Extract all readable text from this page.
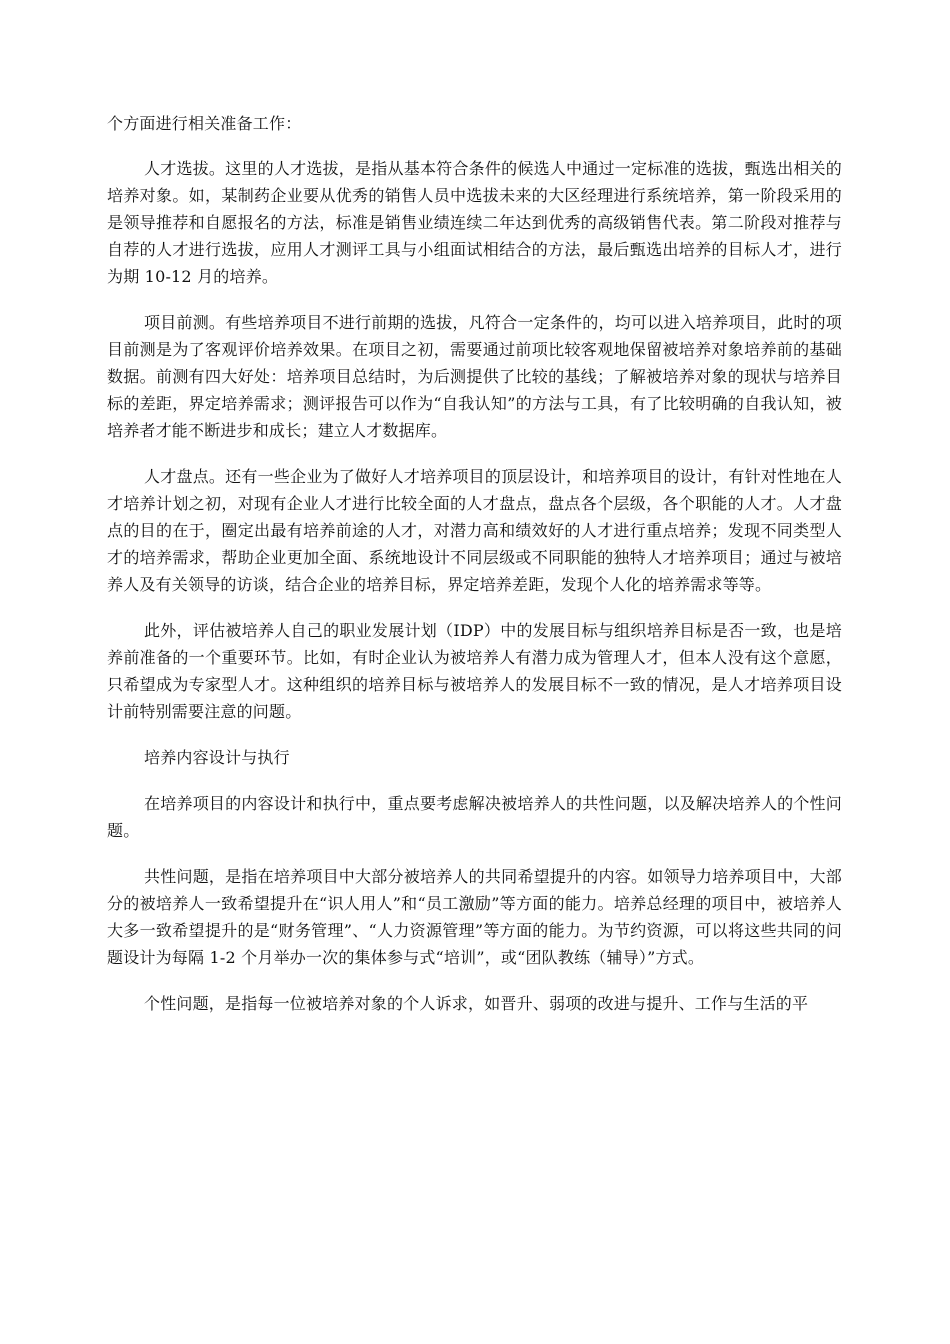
个方面进行相关准备工作：

人才选拔。这里的人才选拔，是指从基本符合条件的候选人中通过一定标准的选拔，甄选出相关的培养对象。如，某制药企业要从优秀的销售人员中选拔未来的大区经理进行系统培养，第一阶段采用的是领导推荐和自愿报名的方法，标准是销售业绩连续二年达到优秀的高级销售代表。第二阶段对推荐与自荐的人才进行选拔，应用人才测评工具与小组面试相结合的方法，最后甄选出培养的目标人才，进行为期 10-12 月的培养。

项目前测。有些培养项目不进行前期的选拔，凡符合一定条件的，均可以进入培养项目，此时的项目前测是为了客观评价培养效果。在项目之初，需要通过前项比较客观地保留被培养对象培养前的基础数据。前测有四大好处：培养项目总结时，为后测提供了比较的基线；了解被培养对象的现状与培养目标的差距，界定培养需求；测评报告可以作为“自我认知”的方法与工具，有了比较明确的自我认知，被培养者才能不断进步和成长；建立人才数据库。

人才盘点。还有一些企业为了做好人才培养项目的顶层设计，和培养项目的设计，有针对性地在人才培养计划之初，对现有企业人才进行比较全面的人才盘点，盘点各个层级，各个职能的人才。人才盘点的目的在于，圈定出最有培养前途的人才，对潜力高和绩效好的人才进行重点培养；发现不同类型人才的培养需求，帮助企业更加全面、系统地设计不同层级或不同职能的独特人才培养项目；通过与被培养人及有关领导的访谈，结合企业的培养目标，界定培养差距，发现个人化的培养需求等等。

此外，评估被培养人自己的职业发展计划（IDP）中的发展目标与组织培养目标是否一致，也是培养前准备的一个重要环节。比如，有时企业认为被培养人有潜力成为管理人才，但本人没有这个意愿，只希望成为专家型人才。这种组织的培养目标与被培养人的发展目标不一致的情况，是人才培养项目设计前特别需要注意的问题。

培养内容设计与执行

在培养项目的内容设计和执行中，重点要考虑解决被培养人的共性问题，以及解决培养人的个性问题。

共性问题，是指在培养项目中大部分被培养人的共同希望提升的内容。如领导力培养项目中，大部分的被培养人一致希望提升在“识人用人”和“员工激励”等方面的能力。培养总经理的项目中，被培养人大多一致希望提升的是“财务管理”、“人力资源管理”等方面的能力。为节约资源，可以将这些共同的问题设计为每隔 1-2 个月举办一次的集体参与式“培训”，或“团队教练（辅导）”方式。

个性问题，是指每一位被培养对象的个人诉求，如晋升、弱项的改进与提升、工作与生活的平
